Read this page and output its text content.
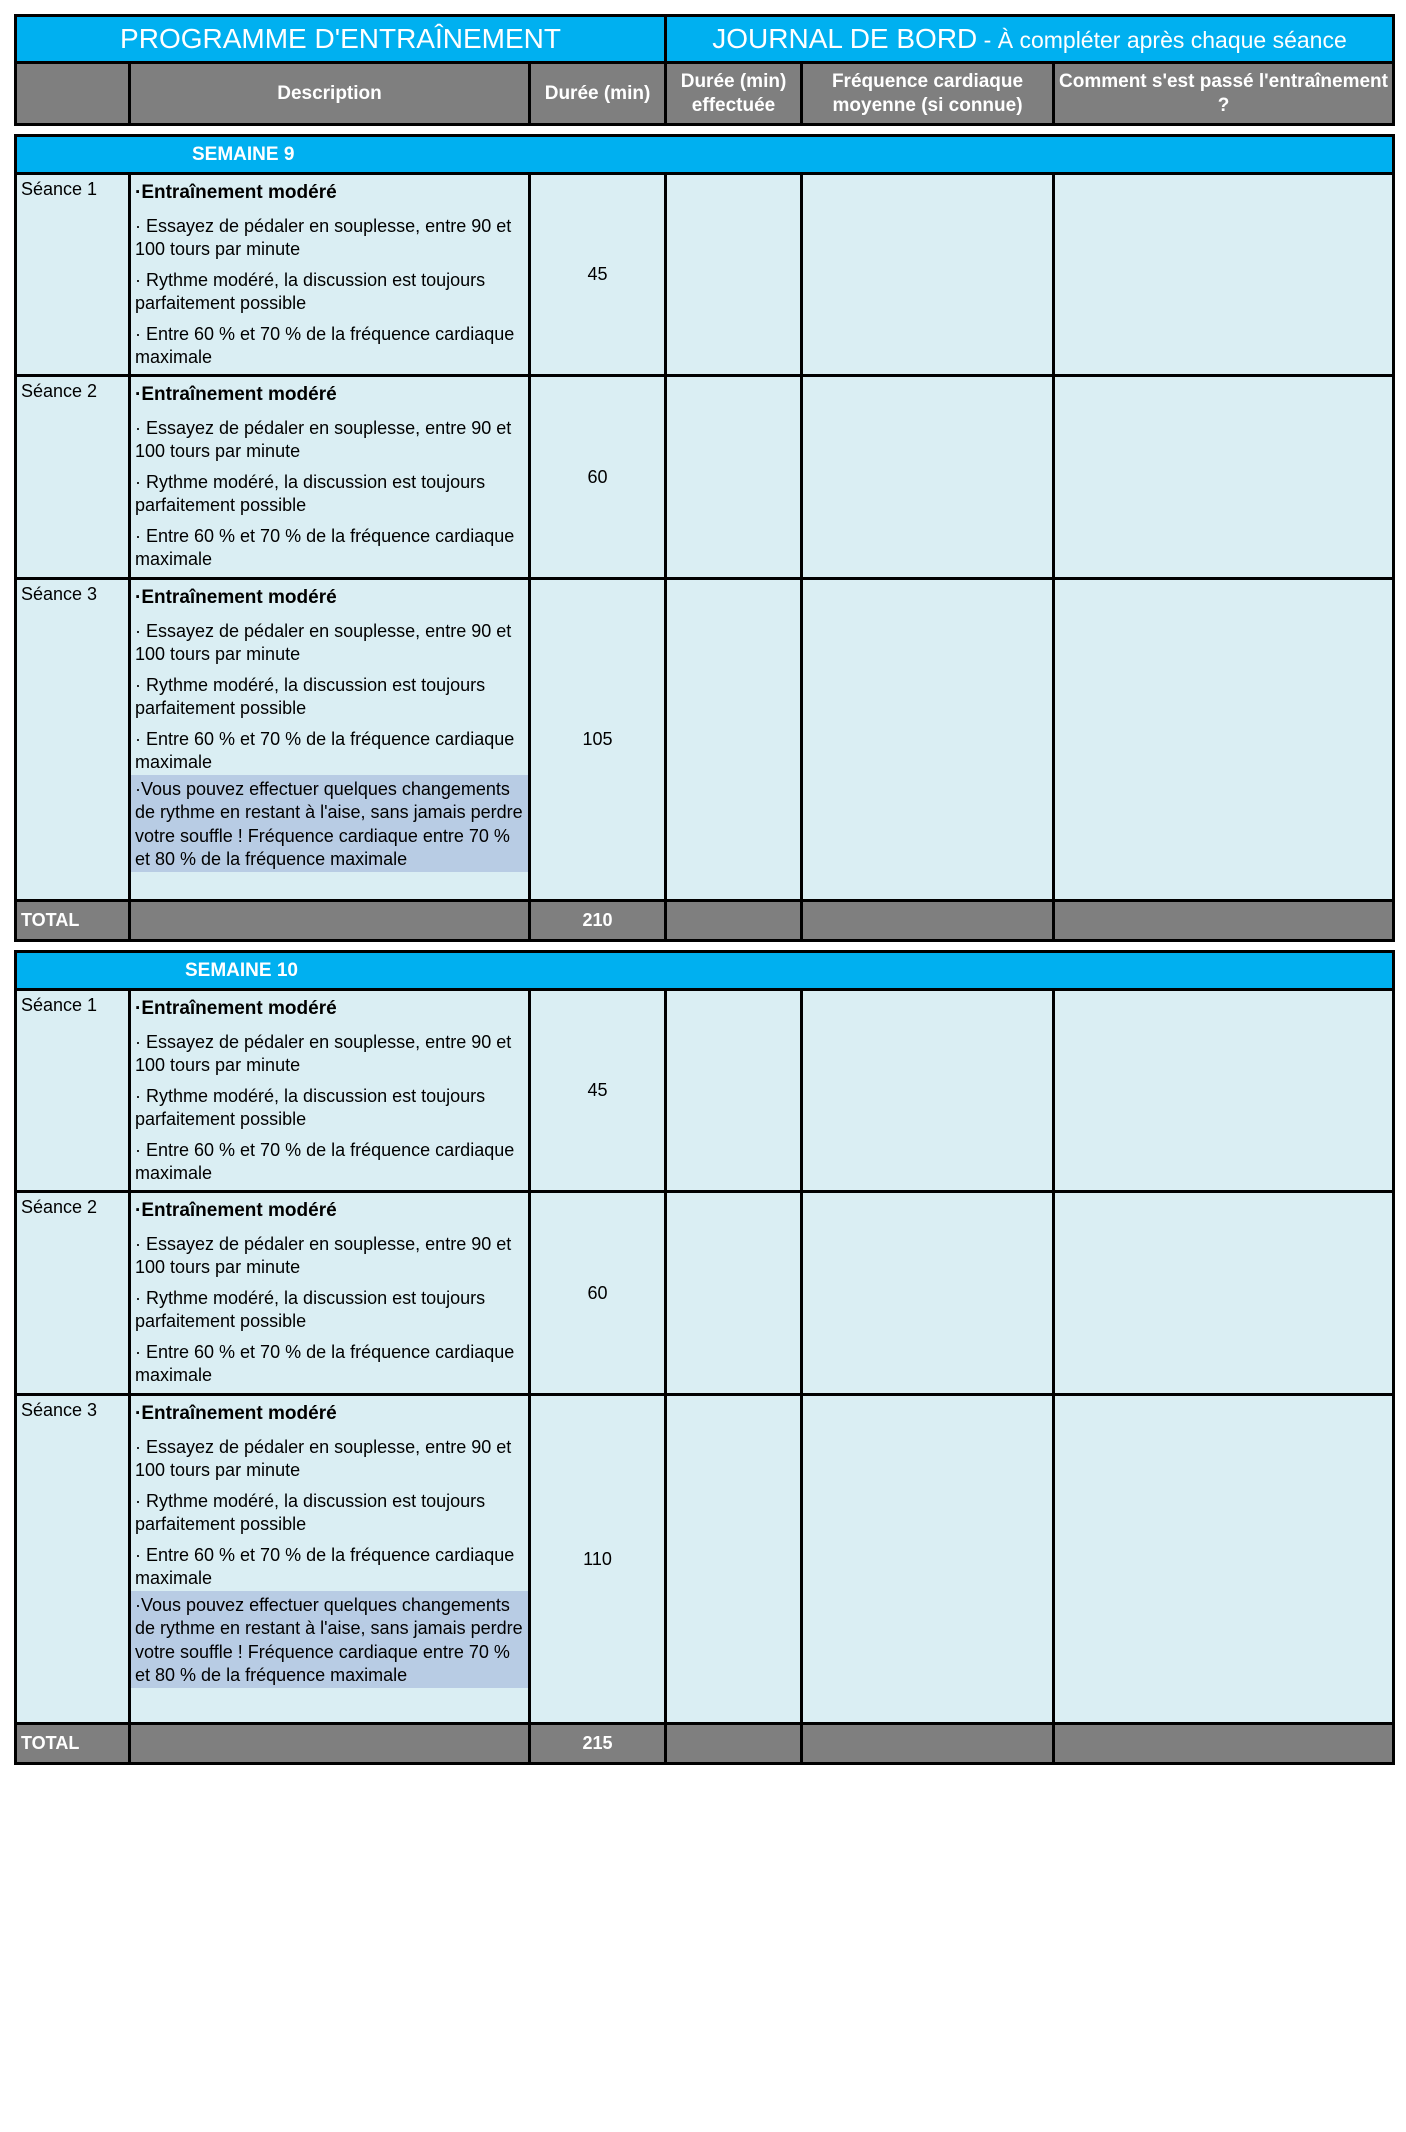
PROGRAMME D'ENTRAÎNEMENT			JOURNAL DE BORD - À compléter après chaque séance		
	Description	Durée (min)	Durée (min) effectuée	Fréquence cardiaque moyenne (si connue)	Comment s'est passé l'entraînement ?
SEMAINE 9					
Séance 1	·Entraînement modéré
· Essayez de pédaler en souplesse, entre 90 et 100 tours par minute
· Rythme modéré, la discussion est toujours parfaitement possible
· Entre 60 % et 70 % de la fréquence cardiaque maximale	45			
Séance 2	·Entraînement modéré
· Essayez de pédaler en souplesse, entre 90 et 100 tours par minute
· Rythme modéré, la discussion est toujours parfaitement possible
· Entre 60 % et 70 % de la fréquence cardiaque maximale	60			
Séance 3	·Entraînement modéré
· Essayez de pédaler en souplesse, entre 90 et 100 tours par minute
· Rythme modéré, la discussion est toujours parfaitement possible
· Entre 60 % et 70 % de la fréquence cardiaque maximale
·Vous pouvez effectuer quelques changements de rythme en restant à l'aise, sans jamais perdre votre souffle ! Fréquence cardiaque entre 70 % et 80 % de la fréquence maximale	105			
TOTAL		210			
SEMAINE 10					
Séance 1	·Entraînement modéré
· Essayez de pédaler en souplesse, entre 90 et 100 tours par minute
· Rythme modéré, la discussion est toujours parfaitement possible
· Entre 60 % et 70 % de la fréquence cardiaque maximale	45			
Séance 2	·Entraînement modéré
· Essayez de pédaler en souplesse, entre 90 et 100 tours par minute
· Rythme modéré, la discussion est toujours parfaitement possible
· Entre 60 % et 70 % de la fréquence cardiaque maximale	60			
Séance 3	·Entraînement modéré
· Essayez de pédaler en souplesse, entre 90 et 100 tours par minute
· Rythme modéré, la discussion est toujours parfaitement possible
· Entre 60 % et 70 % de la fréquence cardiaque maximale
·Vous pouvez effectuer quelques changements de rythme en restant à l'aise, sans jamais perdre votre souffle ! Fréquence cardiaque entre 70 % et 80 % de la fréquence maximale	110			
TOTAL		215			
